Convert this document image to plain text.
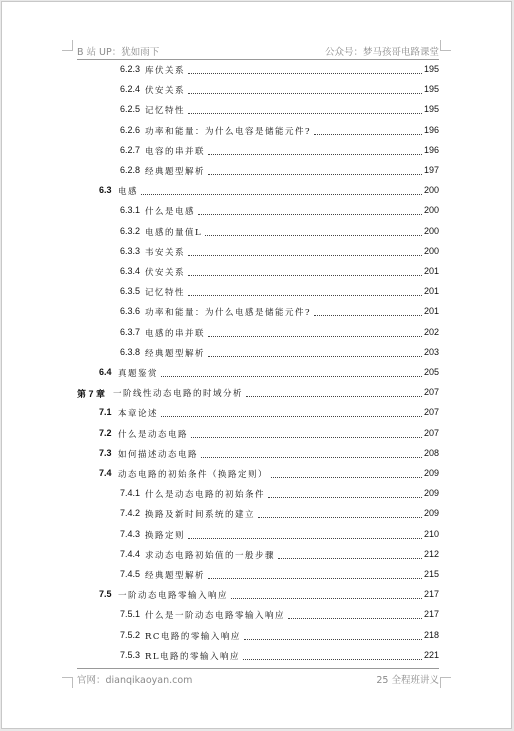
B 站 UP：犹如雨下	公众号：梦马孩哥电路课堂
6.2.3 库伏关系	195
6.2.4 伏安关系	195
6.2.5 记忆特性	195
6.2.6 功率和能量：为什么电容是储能元件?	196
6.2.7 电容的串并联	196
6.2.8 经典题型解析	197
6.3 电感	200
6.3.1 什么是电感	200
6.3.2 电感的量值L	200
6.3.3 韦安关系	200
6.3.4 伏安关系	201
6.3.5 记忆特性	201
6.3.6 功率和能量：为什么电感是储能元件?	201
6.3.7 电感的串并联	202
6.3.8 经典题型解析	203
6.4 真题鉴赏	205
第 7 章 一阶线性动态电路的时域分析	207
7.1 本章论述	207
7.2 什么是动态电路	207
7.3 如何描述动态电路	208
7.4 动态电路的初始条件（换路定则）	209
7.4.1 什么是动态电路的初始条件	209
7.4.2 换路及新时间系统的建立	209
7.4.3 换路定则	210
7.4.4 求动态电路初始值的一般步骤	212
7.4.5 经典题型解析	215
7.5 一阶动态电路零输入响应	217
7.5.1 什么是一阶动态电路零输入响应	217
7.5.2 RC电路的零输入响应	218
7.5.3 RL电路的零输入响应	221
官网：dianqikaoyan.com	25 全程班讲义
